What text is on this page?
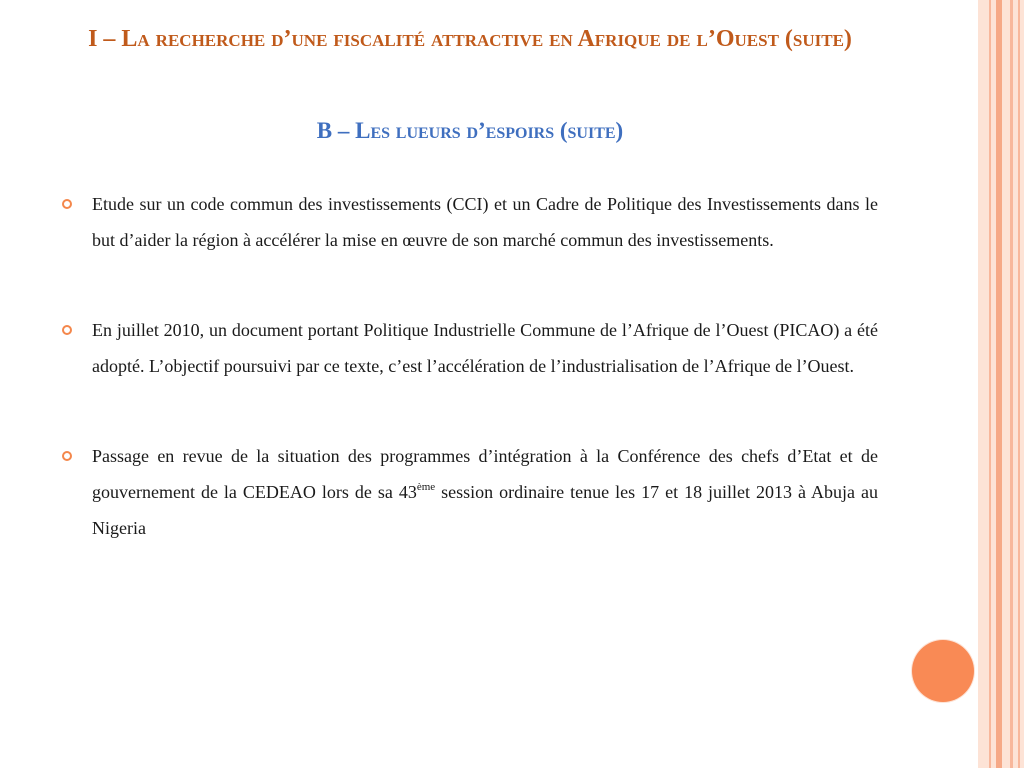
I – La recherche d’une fiscalité attractive en Afrique de l’Ouest (suite)
B – Les lueurs d’espoirs (suite)
Etude sur un code commun des investissements (CCI) et un Cadre de Politique des Investissements dans le but d’aider la région à accélérer la mise en œuvre de son marché commun des investissements.
En juillet 2010, un document portant Politique Industrielle Commune de l’Afrique de l’Ouest (PICAO) a été adopté. L’objectif poursuivi par ce texte, c’est l’accélération de l’industrialisation de l’Afrique de l’Ouest.
Passage en revue de la situation des programmes d’intégration à la Conférence des chefs d’Etat et de gouvernement de la CEDEAO lors de sa 43ème session ordinaire tenue les 17 et 18 juillet 2013 à Abuja au Nigeria
